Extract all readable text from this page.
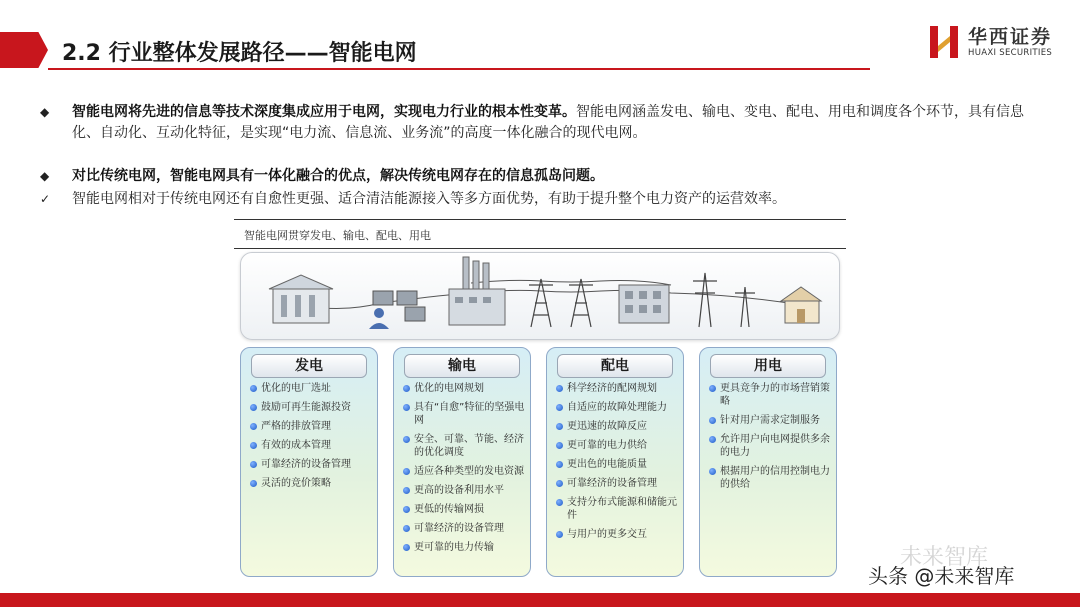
2.2 行业整体发展路径——智能电网
华西证券
HUAXI SECURITIES
◆	智能电网将先进的信息等技术深度集成应用于电网，实现电力行业的根本性变革。智能电网涵盖发电、输电、变电、配电、用电和调度各个环节，具有信息化、自动化、互动化特征，是实现“电力流、信息流、业务流”的高度一体化融合的现代电网。
◆	对比传统电网，智能电网具有一体化融合的优点，解决传统电网存在的信息孤岛问题。
✓	智能电网相对于传统电网还有自愈性更强、适合清洁能源接入等多方面优势，有助于提升整个电力资产的运营效率。
智能电网贯穿发电、输电、配电、用电
发电
优化的电厂选址
鼓励可再生能源投资
严格的排放管理
有效的成本管理
可靠经济的设备管理
灵活的竞价策略
输电
优化的电网规划
具有“自愈”特征的坚强电网
安全、可靠、节能、经济的优化调度
适应各种类型的发电资源
更高的设备利用水平
更低的传输网损
可靠经济的设备管理
更可靠的电力传输
配电
科学经济的配网规划
自适应的故障处理能力
更迅速的故障反应
更可靠的电力供给
更出色的电能质量
可靠经济的设备管理
支持分布式能源和储能元件
与用户的更多交互
用电
更具竞争力的市场营销策略
针对用户需求定制服务
允许用户向电网提供多余的电力
根据用户的信用控制电力的供给
未来智库
头条 @未来智库
